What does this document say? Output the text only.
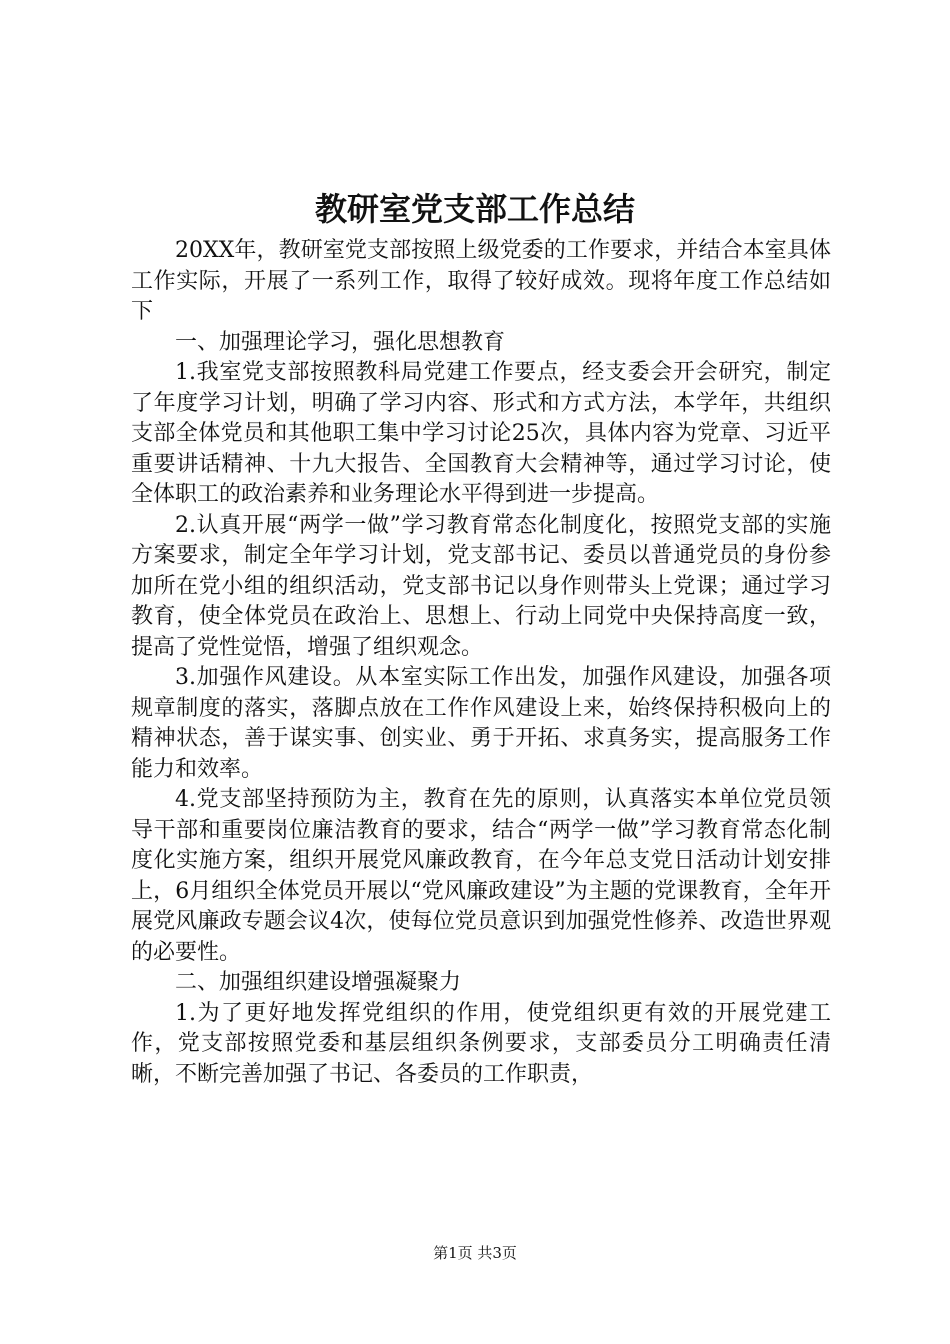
教研室党支部工作总结

20XX年，教研室党支部按照上级党委的工作要求，并结合本室具体工作实际，开展了一系列工作，取得了较好成效。现将年度工作总结如下

一、加强理论学习，强化思想教育

1.我室党支部按照教科局党建工作要点，经支委会开会研究，制定了年度学习计划，明确了学习内容、形式和方式方法，本学年，共组织支部全体党员和其他职工集中学习讨论25次，具体内容为党章、习近平重要讲话精神、十九大报告、全国教育大会精神等，通过学习讨论，使全体职工的政治素养和业务理论水平得到进一步提高。

2.认真开展“两学一做”学习教育常态化制度化，按照党支部的实施方案要求，制定全年学习计划，党支部书记、委员以普通党员的身份参加所在党小组的组织活动，党支部书记以身作则带头上党课；通过学习教育，使全体党员在政治上、思想上、行动上同党中央保持高度一致，提高了党性觉悟，增强了组织观念。

3.加强作风建设。从本室实际工作出发，加强作风建设，加强各项规章制度的落实，落脚点放在工作作风建设上来，始终保持积极向上的精神状态，善于谋实事、创实业、勇于开拓、求真务实，提高服务工作能力和效率。

4.党支部坚持预防为主，教育在先的原则，认真落实本单位党员领导干部和重要岗位廉洁教育的要求，结合“两学一做”学习教育常态化制度化实施方案，组织开展党风廉政教育，在今年总支党日活动计划安排上，6月组织全体党员开展以“党风廉政建设”为主题的党课教育，全年开展党风廉政专题会议4次，使每位党员意识到加强党性修养、改造世界观的必要性。

二、加强组织建设增强凝聚力

1.为了更好地发挥党组织的作用，使党组织更有效的开展党建工作，党支部按照党委和基层组织条例要求，支部委员分工明确责任清晰，不断完善加强了书记、各委员的工作职责，

第1页 共3页
